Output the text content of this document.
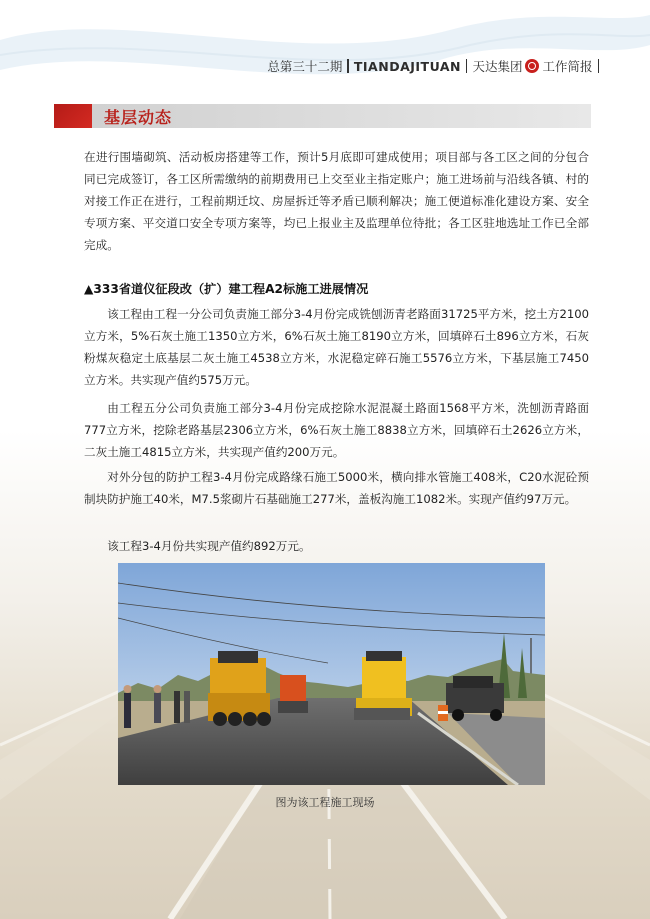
总第三十二期 TIANDAJITUAN 天达集团 工作简报
基层动态

在进行围墙砌筑、活动板房搭建等工作，预计5月底即可建成使用；项目部与各工区之间的分包合同已完成签订，各工区所需缴纳的前期费用已上交至业主指定账户；施工进场前与沿线各镇、村的对接工作正在进行，工程前期迁坟、房屋拆迁等矛盾已顺利解决；施工便道标准化建设方案、安全专项方案、平交道口安全专项方案等，均已上报业主及监理单位待批；各工区驻地选址工作已全部完成。

▲333省道仪征段改（扩）建工程A2标施工进展情况

该工程由工程一分公司负责施工部分3-4月份完成铣刨沥青老路面31725平方米，挖土方2100立方米，5%石灰土施工1350立方米，6%石灰土施工8190立方米，回填碎石土896立方米，石灰粉煤灰稳定土底基层二灰土施工4538立方米，水泥稳定碎石施工5576立方米，下基层施工7450立方米。共实现产值约575万元。

由工程五分公司负责施工部分3-4月份完成挖除水泥混凝土路面1568平方米，洗刨沥青路面777立方米，挖除老路基层2306立方米，6%石灰土施工8838立方米，回填碎石土2626立方米，二灰土施工4815立方米，共实现产值约200万元。

对外分包的防护工程3-4月份完成路缘石施工5000米，横向排水管施工408米，C20水泥砼预制块防护施工40米，M7.5浆砌片石基础施工277米，盖板沟施工1082米。实现产值约97万元。

该工程3-4月份共实现产值约892万元。

图为该工程施工现场
